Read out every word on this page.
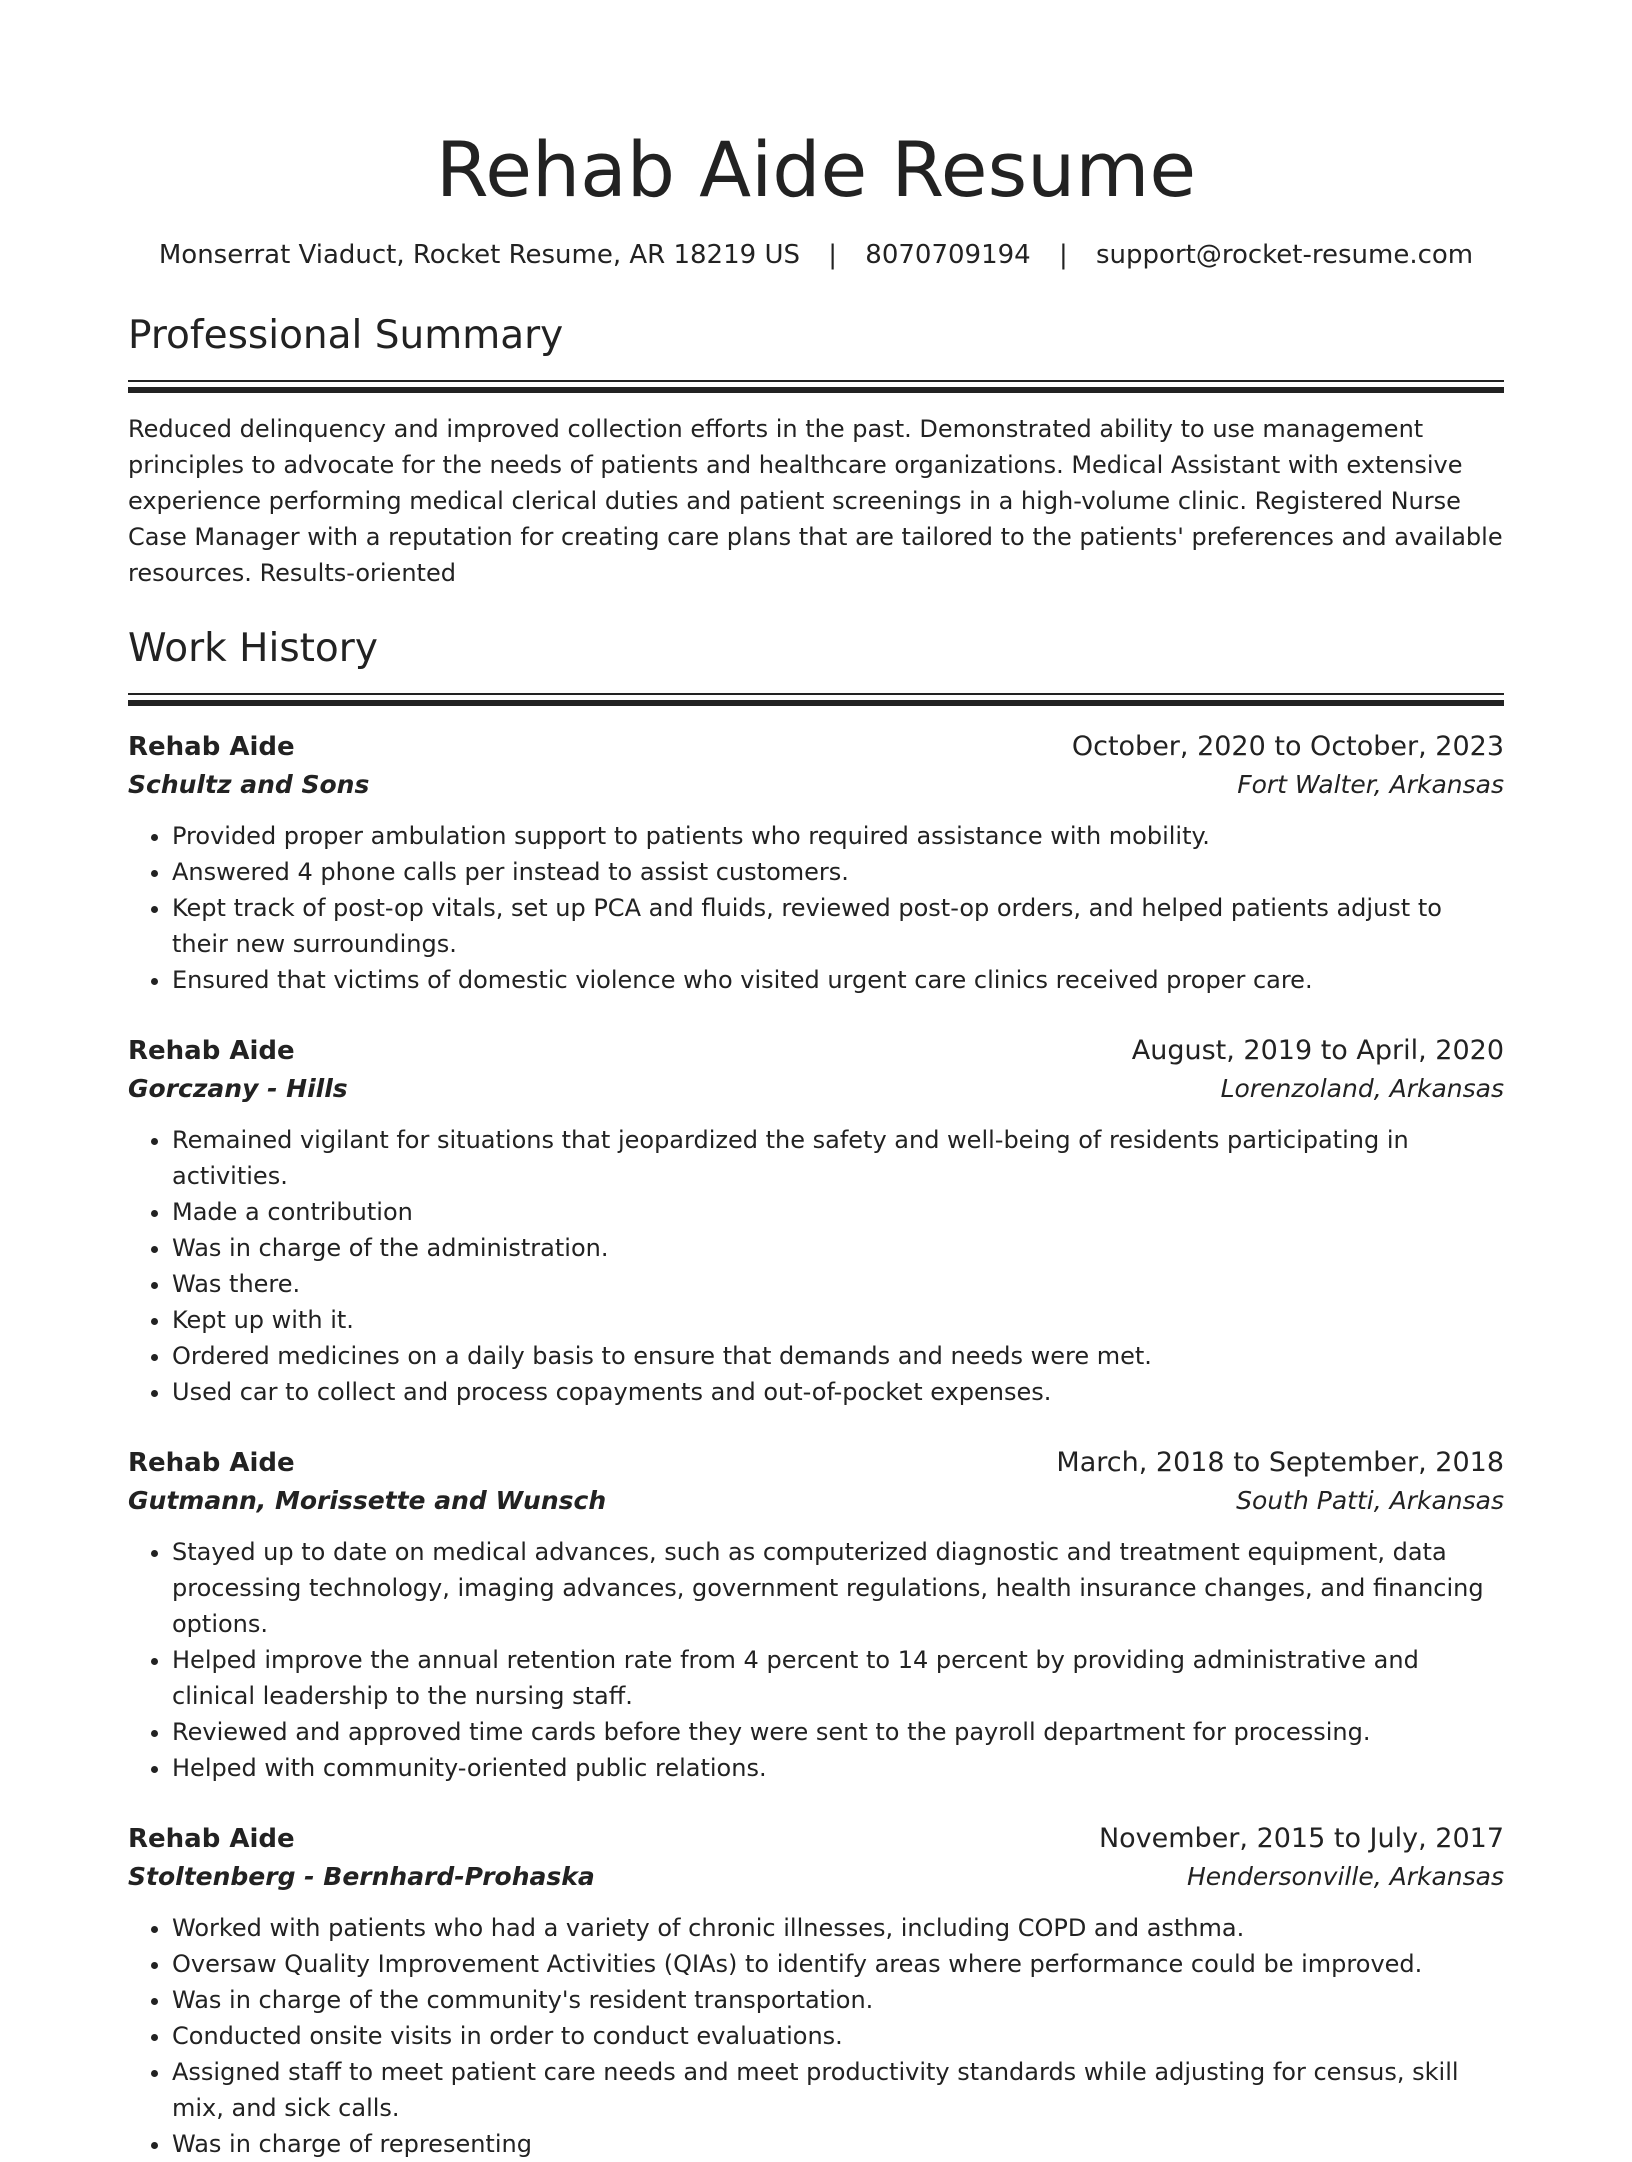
Rehab Aide Resume
Monserrat Viaduct, Rocket Resume, AR 18219 US | 8070709194 | support@rocket-resume.com
Professional Summary
Reduced delinquency and improved collection efforts in the past. Demonstrated ability to use management principles to advocate for the needs of patients and healthcare organizations. Medical Assistant with extensive experience performing medical clerical duties and patient screenings in a high-volume clinic. Registered Nurse Case Manager with a reputation for creating care plans that are tailored to the patients' preferences and available resources. Results-oriented
Work History
Rehab Aide	October, 2020 to October, 2023
Schultz and Sons	Fort Walter, Arkansas
• Provided proper ambulation support to patients who required assistance with mobility.
• Answered 4 phone calls per instead to assist customers.
• Kept track of post-op vitals, set up PCA and fluids, reviewed post-op orders, and helped patients adjust to their new surroundings.
• Ensured that victims of domestic violence who visited urgent care clinics received proper care.
Rehab Aide	August, 2019 to April, 2020
Gorczany - Hills	Lorenzoland, Arkansas
• Remained vigilant for situations that jeopardized the safety and well-being of residents participating in activities.
• Made a contribution
• Was in charge of the administration.
• Was there.
• Kept up with it.
• Ordered medicines on a daily basis to ensure that demands and needs were met.
• Used car to collect and process copayments and out-of-pocket expenses.
Rehab Aide	March, 2018 to September, 2018
Gutmann, Morissette and Wunsch	South Patti, Arkansas
• Stayed up to date on medical advances, such as computerized diagnostic and treatment equipment, data processing technology, imaging advances, government regulations, health insurance changes, and financing options.
• Helped improve the annual retention rate from 4 percent to 14 percent by providing administrative and clinical leadership to the nursing staff.
• Reviewed and approved time cards before they were sent to the payroll department for processing.
• Helped with community-oriented public relations.
Rehab Aide	November, 2015 to July, 2017
Stoltenberg - Bernhard-Prohaska	Hendersonville, Arkansas
• Worked with patients who had a variety of chronic illnesses, including COPD and asthma.
• Oversaw Quality Improvement Activities (QIAs) to identify areas where performance could be improved.
• Was in charge of the community's resident transportation.
• Conducted onsite visits in order to conduct evaluations.
• Assigned staff to meet patient care needs and meet productivity standards while adjusting for census, skill mix, and sick calls.
• Was in charge of representing
